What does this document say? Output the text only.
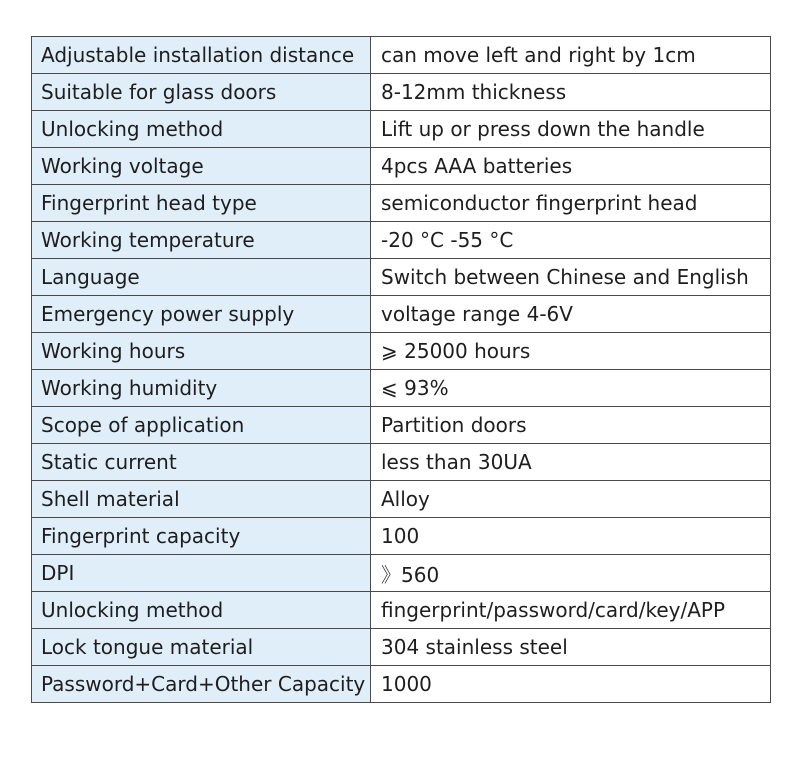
Adjustable installation distance	can move left and right by 1cm
Suitable for glass doors	8-12mm thickness
Unlocking method	Lift up or press down the handle
Working voltage	4pcs AAA batteries
Fingerprint head type	semiconductor fingerprint head
Working temperature	-20 °C -55 °C
Language	Switch between Chinese and English
Emergency power supply	voltage range 4-6V
Working hours	⩾ 25000 hours
Working humidity	⩽ 93%
Scope of application	Partition doors
Static current	less than 30UA
Shell material	Alloy
Fingerprint capacity	100
DPI	》560
Unlocking method	fingerprint/password/card/key/APP
Lock tongue material	304 stainless steel
Password+Card+Other Capacity	1000
